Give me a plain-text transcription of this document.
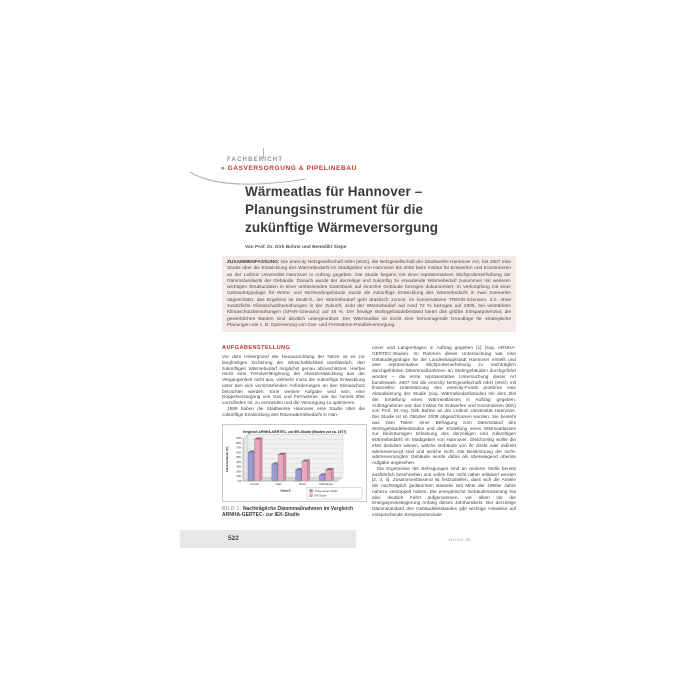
FACHBERICHT
» GASVERSORGUNG & PIPELINEBAU
Wärmeatlas für Hannover –
Planungsinstrument für die
zukünftige Wärmeversorgung
Von Prof. Dr. Dirk Bohne und Benedikt Siepe

ZUSAMMENFASSUNG: Die enercity Netzgesellschaft mbH (eNG), die Netzgesellschaft der Stadtwerke Hannover AG, hat 2007 eine Studie über die Entwicklung des Wärmebedarfs im Stadtgebiet von Hannover bis 2050 beim Institut für Entwerfen und Konstruieren an der Leibniz Universität Hannover in Auftrag gegeben. Die Studie begann mit einer repräsentativen Stichprobenerhebung der Dämmstandards der Gebäude. Danach wurde der derzeitige und zukünftig zu erwartende Wärmebedarf zusammen mit weiteren wichtigen Strukturdaten in einer umfassenden Datenbank auf einzelne Gebäude bezogen dokumentiert. In Verknüpfung mit einer Gebäudetypologie für Wohn- und Nichtwohngebäude wurde die zukünftige Entwicklung des Wärmebedarfs in zwei Szenarien abgeschätzt, das Ergebnis ist deutlich, der Wärmebedarf geht drastisch zurück: im konservativen TREND-Szenario, d.h. ohne zusätzliche Klimaschutzbemühungen in der Zukunft, sinkt der Wärmebedarf auf rund 72 % bezogen auf 2005, bei verstärkten Klimaschutzbemühungen (SPAR-Szenario) auf 45 %. Der heutige Wohngebäudebestand bietet das größte Einsparpotenzial, die gewerblichen Bauten sind deutlich untergeordnet. Der Wärmeatlas ist somit eine hervorragende Grundlage für strategische Planungen wie z. B. Optimierung von Gas- und Fernwärme-Parallelversorgung.

AUFGABENSTELLUNG

Vor dem Hintergrund der Neuausrichtung der Netze ist es zur langfristigen Sicherung der Wirtschaftlichkeit unerlässlich, den zukünftigen Wärmebedarf möglichst genau abzuschätzen. Hierbei reicht eine Trendverlängerung der Absatzentwicklung aus der Vergangenheit nicht aus, vielmehr muss die zukünftige Entwicklung unter den sich verschärfenden Anforderungen an den Klimaschutz betrachtet werden. Eine weitere Aufgabe wird sein, eine Doppelversorgung von Gas und Fernwärme, wie sie zurzeit öfter vorzufinden ist, zu vermeiden und die Versorgung zu optimieren.

1989 haben die Stadtwerke Hannover eine Studie über die zukünftige Entwicklung des Raumwärmebedarfs in Han-

nover und Langenhagen in Auftrag gegeben [1] (sog. ARNHA-GERTEC-Studie). Im Rahmen dieser Untersuchung war eine Gebäudetypologie für die Landeshauptstadt Hannover erstellt und eine repräsentative Stichprobenerhebung zu nachträglich durchgeführten Dämmmaßnahmen an Wohngebäuden durchgeführt worden – die erste repräsentative Untersuchung dieser Art bundesweit. 2007 hat die enercity Netzgesellschaft mbH (eNG) mit finanzieller Unterstützung des enercity-Fonds proKlima eine Aktualisierung der Studie (sog. Wärmebedarfsstudie) mit dem Ziel der Erstellung eines Wärmeatlasses in Auftrag gegeben. Auftragnehmer war das Institut für Entwerfen und Konstruieren (IEK) von Prof. Dr.-Ing. Dirk Bohne an der Leibniz Universität Hannover. Die Studie ist im Oktober 2009 abgeschlossen worden. Sie besteht aus zwei Teilen: einer Befragung zum Dämmstand des Wohngebäudebestandes und der Erstellung eines Wärmeatlasses zur kleinräumigen Erfassung des derzeitigen und zukünftigen Wärmebedarfs im Stadtgebiet von Hannover. Gleichzeitig wollte die eNG dezidiert wissen, welche Gebäude von ihr direkt oder indirekt wärmeversorgt sind und welche nicht. Die Bestimmung der nicht-wärmeversorgten Gebäude wurde dabei als überwiegend oberste Aufgabe angesehen.

Die Ergebnisse der Befragungen sind an anderer Stelle bereits ausführlich beschrieben und sollen hier nicht näher erläutert werden [2, 3, 4]. Zusammenfassend ist festzustellen, dass sich die Anteile der nachträglich gedämmten Bauteile seit Mitte der 1990er Jahre nahezu verdoppelt haben. Die energetische Gebäudesanierung hat also deutlich Fahrt aufgenommen, vor allem mit der Energiepreissteigerung Anfang dieses Jahrhunderts. Der derzeitige Dämmstandard des Gebäudebestandes gibt wichtige Hinweise auf entsprechende Einsparpotenziale

Vergleich ARNHA-GERTEC- zur IEK-Studie (Bauten vor ca. 1977)
0%
10%
20%
30%
40%
50%
60%
70%
80%
90%
Fenster	Dach	Wand	Kellerdecke
Bauteil
Anteil Gebäude [%]
Arnha-Gertec-Studie
IEK-Studie
BILD 1: Nachträgliche Dämmmaßnahmen im Vergleich ARNHA-GERTEC- zur IEK-Studie
522	11/2011 3R
